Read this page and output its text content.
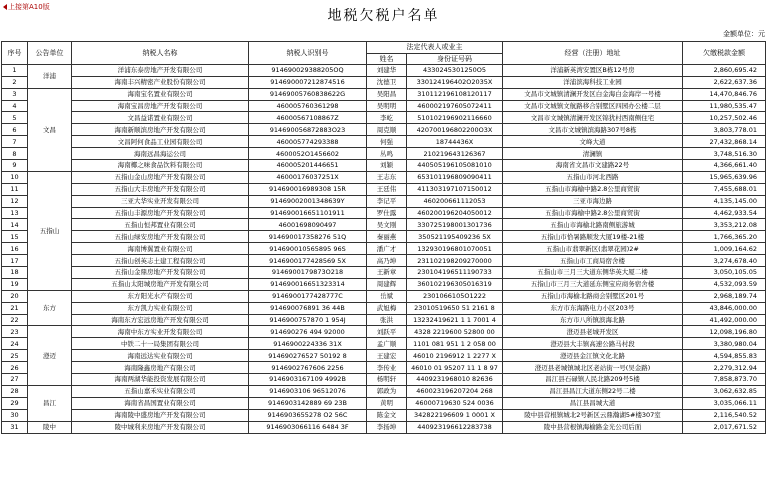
上接第A10版
地税欠税户名单
金额单位：元
序号	公告单位	纳税人名称	纳税人识别号	法定代表人或业主		经营（注册）地址	欠缴税款金额
				姓名	身份证号码		
1	洋浦	洋浦东泰房地产开发有限公司	914690029388205OQ	刘建华	4330245301250O5	洋浦新英湾安置区B栋12号房	2,860,695.42
2		海南丰兴精密产业股份有限公司	914690007212874516	沈德卫	330124196402O2035X	洋浦滨海科技工业园	2,622,637.36
3	文昌	海南宝名置业有限公司	91469005760838622G	吴阳昌	310112196108120117	文昌市文城镇清澜开发区白金海白金海岸一号楼	14,470,846.76
4		海南宝昌房地产开发有限公司	460005760361298	吴明明	460002197605072411	文昌市文城镇文航路移合别墅区四园办公楼二层	11,980,535.47
5		文昌益诺置业有限公司	46000567108867Z	李屹	510102196902116660	文昌市文城镇清澜开发区锦犹村西南侧住宅	10,257,502.46
6		海南新顺滨房地产开发有限公司	914690056872883O23	周克顺	420700196802200O3X	文昌市文城镇滨海路307号8栋	3,803,778.01
7		文昌阿何食品工业园有限公司	460005774293388	何强	18744436X	文峰大道	27,432,868.14
8		海南远昌海运公司	4600052O1456602	丛鸣	210219643126367	清澜镇	3,748,516.30
9		海南椰之味食品饮料有限公司	460005201446651	刘颖	440505196105081010	海南省文昌市文建路22号	4,366,661.40
10	五指山	五指山金山房地产开发有限公司	46000176037251X	王志东	653101196809090411	五指山市河北西路	15,965,639.96
11		五指山大丰房地产开发有限公司	914690016989308 15R	王廷伟	411303197107150012	五指山市海榆中路2.8公里商贸街	7,455,688.01
12		三亚大华实业开发有限公司	91469002001348639Y	李记平	460200661112053	三亚市海边路	4,135,145.00
13		五指山丰源房地产开发有限公司	914690016651101911	罗仕露	460200196204050012	五指山市海榆中路2.8公里商贸街	4,462,933.54
14		五指山恒邦置业有限公司	46001698090497	吴文刚	330725198001301736	五指山市海榆北路南侧旅游城	3,353,212.08
15		五指山绿安房地产开发有限公司	914690017358276 51Q	秦丽燕	350521195409236 5X	五指山市恰暑路顺发大厦19楼-21楼	1,766,365.20
16		海南博翼置业有限公司	914690010565895 96S	潘广才	132930196801070051	五指山市翡翠新区(翡翠花园)2#	1,009,164.62
17		五指山创英志土建工程有限公司	9146900177428569 5X	高乃坤	231102198209270000	五指山市工商局宿舍楼	3,274,678.40
18		五指山金鼎房地产开发有限公司	9146900179873O218	王新章	230104196511190733	五指山市三月三大道东侧华英大厦二楼	3,050,105.05
19		五指山太阳城房地产开发有限公司	914690016651323314	周建辉	360102196305016319	五指山市三月三大道延东侧宝应商务宿舍楼	4,532,093.59
20	东方	东方阳光水产有限公司	9146900177428777C	岳斌	2301066105O1222	五指山市海榆北路商会别墅区201号	2,968,189.74
21		东方凯力实业有限公司	914690076891 36 44B	武旭梅	23010519650 51 2161 8	东方市东海路电力小区203号	43,846,000.00
22		海南东方宏远房地产开发有限公司	9146900757870 1 954J	张洪	13232419621 1 1 7001 4	东方市八所镇滨海北路	41,492,000.00
23	澄迈	海南中东方实业开发有限公司	914690276 494 92000	刘跃平	4328 2219600 52800 00	澄迈县老城开发区	12,098,196.80
24		中铁二十一局集团有限公司	9146900224336 31X	孟广顺	1101 081 951 1 2 058 00	澄迈县大丰镇高速公路马村段	3,380,980.04
25		海南远达实业有限公司	914690276527 50192 8	王建宏	46010 2196912 1 2277 X	澄迈县金江镇文化北路	4,594,855.83
26		海南隆鑫房地产有限公司	9146902767606 2256	李传业	46010 01 95207 11 1 8 97	澄迈县老城镇城北区老站街一号(吴金路)	2,279,312.94
27		海南两湖华能投资发展有限公司	9146903167109 4992B	杨明轩	4409231968010 82636	昌江县石碌镇人民北路209号5楼	7,858,873.70
28	昌江	五指山嘉禾实业有限公司	9146903106 96512076	郭政为	460023196207204 268	昌江县昌江大道东侧22号二楼	3,062,632.85
29		海南省昌国置业有限公司	9146903142889 69 23B	黄明	46000719630 524 0036	昌江县昌城大道	3,035,066.11
30		海南陵中盛房地产开发有限公司	9146903655278 O2 56C	陈金文	342822196609 1 0001 X	陵中县营根镇城北2号新区云鼎瀚湖5#楼307室	2,116,540.52
31	陵中	陵中城利来房地产开发有限公司	9146903066116 6484 3F	李扬坤	440923196612283738	陵中县营根镇海榆路金光公司后面	2,017,671.52
